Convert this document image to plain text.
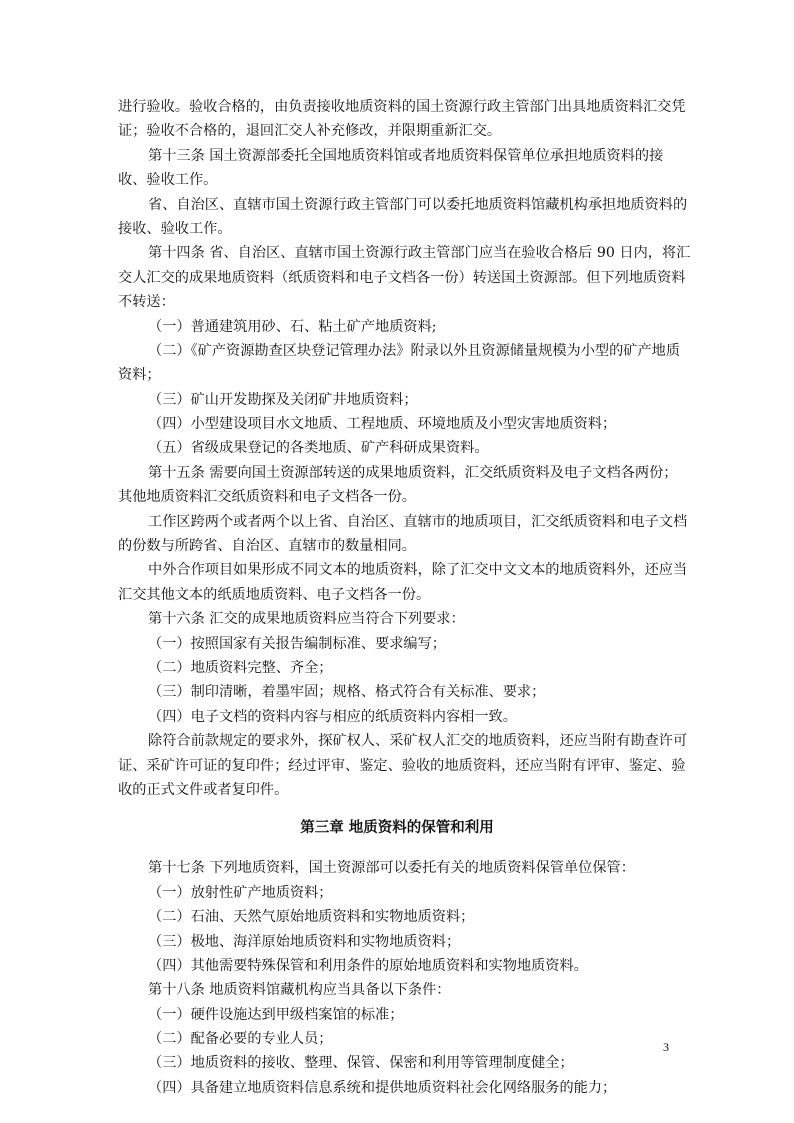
进行验收。验收合格的，由负责接收地质资料的国土资源行政主管部门出具地质资料汇交凭
证；验收不合格的，退回汇交人补充修改，并限期重新汇交。
第十三条 国土资源部委托全国地质资料馆或者地质资料保管单位承担地质资料的接
收、验收工作。
省、自治区、直辖市国土资源行政主管部门可以委托地质资料馆藏机构承担地质资料的
接收、验收工作。
第十四条 省、自治区、直辖市国土资源行政主管部门应当在验收合格后 90 日内，将汇
交人汇交的成果地质资料（纸质资料和电子文档各一份）转送国土资源部。但下列地质资料
不转送：
（一）普通建筑用砂、石、粘土矿产地质资料;
（二）《矿产资源勘查区块登记管理办法》附录以外且资源储量规模为小型的矿产地质
资料；
（三）矿山开发勘探及关闭矿井地质资料；
（四）小型建设项目水文地质、工程地质、环境地质及小型灾害地质资料；
（五）省级成果登记的各类地质、矿产科研成果资料。
第十五条 需要向国土资源部转送的成果地质资料，汇交纸质资料及电子文档各两份；
其他地质资料汇交纸质资料和电子文档各一份。
工作区跨两个或者两个以上省、自治区、直辖市的地质项目，汇交纸质资料和电子文档
的份数与所跨省、自治区、直辖市的数量相同。
中外合作项目如果形成不同文本的地质资料，除了汇交中文文本的地质资料外，还应当
汇交其他文本的纸质地质资料、电子文档各一份。
第十六条 汇交的成果地质资料应当符合下列要求：
（一）按照国家有关报告编制标准、要求编写；
（二）地质资料完整、齐全；
（三）制印清晰，着墨牢固；规格、格式符合有关标准、要求；
（四）电子文档的资料内容与相应的纸质资料内容相一致。
除符合前款规定的要求外，探矿权人、采矿权人汇交的地质资料，还应当附有勘查许可
证、采矿许可证的复印件；经过评审、鉴定、验收的地质资料，还应当附有评审、鉴定、验
收的正式文件或者复印件。
第三章 地质资料的保管和利用
第十七条 下列地质资料，国土资源部可以委托有关的地质资料保管单位保管：
（一）放射性矿产地质资料；
（二）石油、天然气原始地质资料和实物地质资料；
（三）极地、海洋原始地质资料和实物地质资料；
（四）其他需要特殊保管和利用条件的原始地质资料和实物地质资料。
第十八条 地质资料馆藏机构应当具备以下条件：
（一）硬件设施达到甲级档案馆的标准；
（二）配备必要的专业人员；
（三）地质资料的接收、整理、保管、保密和利用等管理制度健全；
（四）具备建立地质资料信息系统和提供地质资料社会化网络服务的能力；
3
